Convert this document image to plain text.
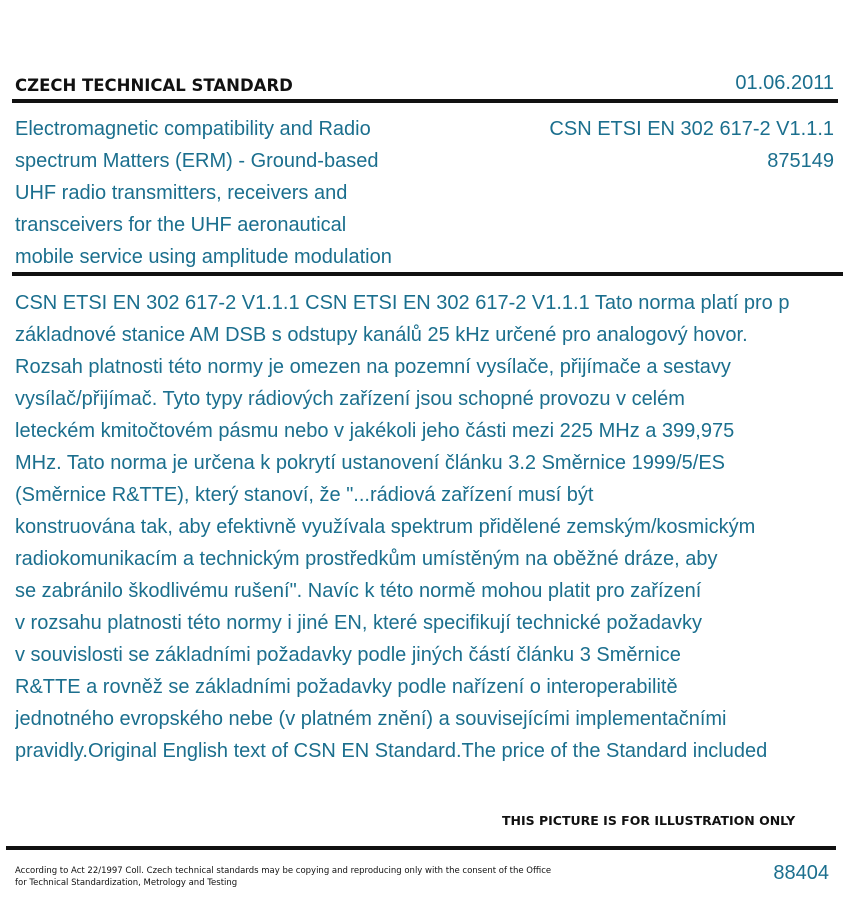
CZECH TECHNICAL STANDARD	01.06.2011
Electromagnetic compatibility and Radio
spectrum Matters (ERM) - Ground-based
UHF radio transmitters, receivers and
transceivers for the UHF aeronautical
mobile service using amplitude modulation
CSN ETSI EN 302 617-2 V1.1.1
875149
CSN ETSI EN 302 617-2 V1.1.1 CSN ETSI EN 302 617-2 V1.1.1 Tato norma platí pro p
základnové stanice AM DSB s odstupy kanálů 25 kHz určené pro analogový hovor.
Rozsah platnosti této normy je omezen na pozemní vysílače, přijímače a sestavy
vysílač/přijímač. Tyto typy rádiových zařízení jsou schopné provozu v celém
leteckém kmitočtovém pásmu nebo v jakékoli jeho části mezi 225 MHz a 399,975
MHz. Tato norma je určena k pokrytí ustanovení článku 3.2 Směrnice 1999/5/ES
(Směrnice R&TTE), který stanoví, že "...rádiová zařízení musí být
konstruována tak, aby efektivně využívala spektrum přidělené zemským/kosmickým
radiokomunikacím a technickým prostředkům umístěným na oběžné dráze, aby
se zabránilo škodlivému rušení". Navíc k této normě mohou platit pro zařízení
v rozsahu platnosti této normy i jiné EN, které specifikují technické požadavky
v souvislosti se základními požadavky podle jiných částí článku 3 Směrnice
R&TTE a rovněž se základními požadavky podle nařízení o interoperabilitě
jednotného evropského nebe (v platném znění) a souvisejícími implementačními
pravidly.Original English text of CSN EN Standard.The price of the Standard included
THIS PICTURE IS FOR ILLUSTRATION ONLY
According to Act 22/1997 Coll. Czech technical standards may be copying and reproducing only with the consent of the Office
for Technical Standardization, Metrology and Testing	88404
